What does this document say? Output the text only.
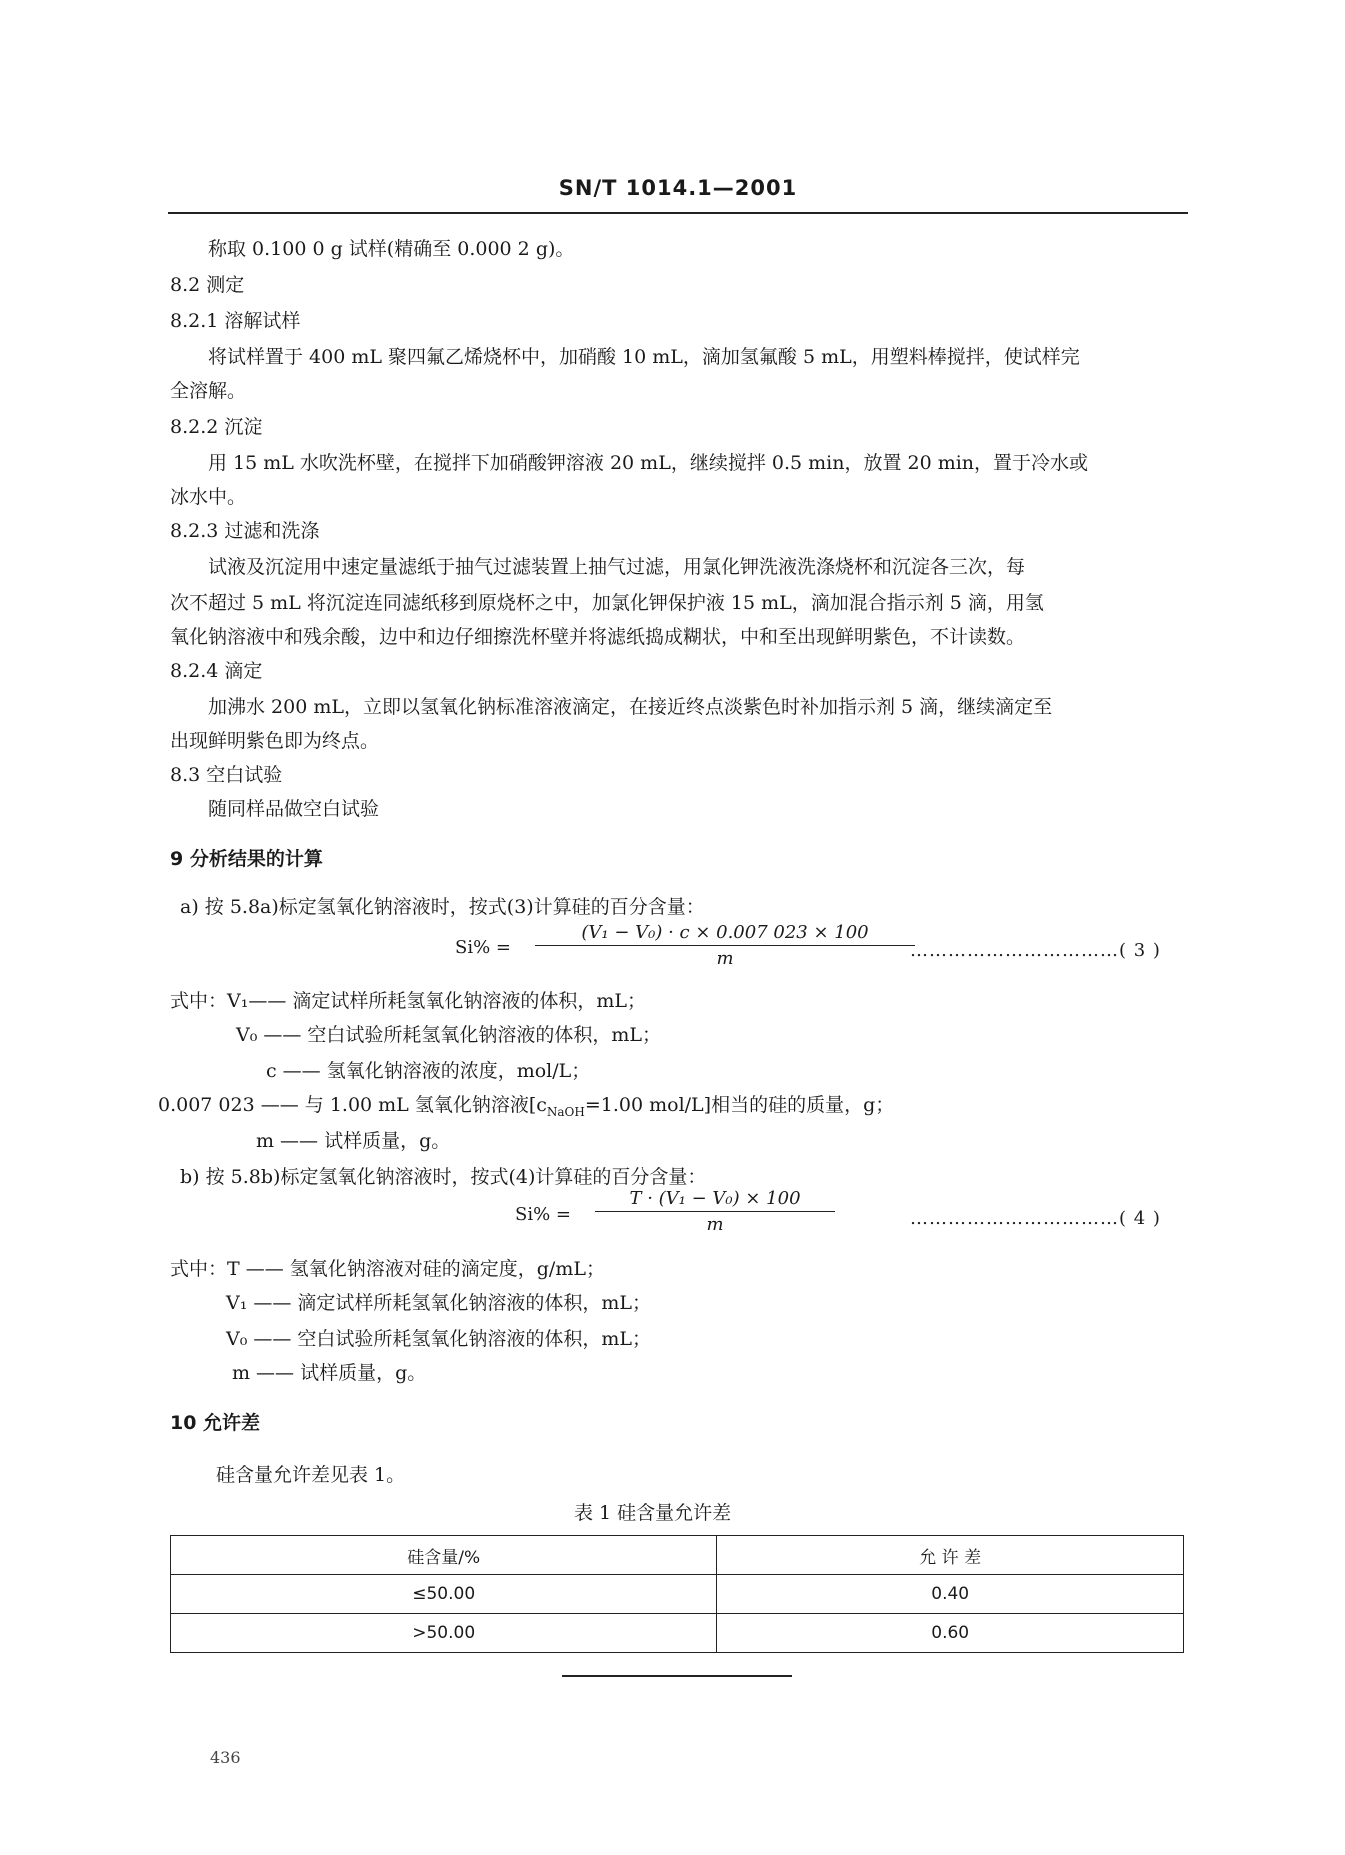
SN/T 1014.1—2001
称取 0.100 0 g 试样(精确至 0.000 2 g)。
8.2 测定
8.2.1 溶解试样
将试样置于 400 mL 聚四氟乙烯烧杯中，加硝酸 10 mL，滴加氢氟酸 5 mL，用塑料棒搅拌，使试样完
全溶解。
8.2.2 沉淀
用 15 mL 水吹洗杯壁，在搅拌下加硝酸钾溶液 20 mL，继续搅拌 0.5 min，放置 20 min，置于冷水或
冰水中。
8.2.3 过滤和洗涤
试液及沉淀用中速定量滤纸于抽气过滤装置上抽气过滤，用氯化钾洗液洗涤烧杯和沉淀各三次，每
次不超过 5 mL 将沉淀连同滤纸移到原烧杯之中，加氯化钾保护液 15 mL，滴加混合指示剂 5 滴，用氢
氧化钠溶液中和残余酸，边中和边仔细擦洗杯壁并将滤纸捣成糊状，中和至出现鲜明紫色，不计读数。
8.2.4 滴定
加沸水 200 mL，立即以氢氧化钠标准溶液滴定，在接近终点淡紫色时补加指示剂 5 滴，继续滴定至
出现鲜明紫色即为终点。
8.3 空白试验
随同样品做空白试验
9 分析结果的计算
a) 按 5.8a)标定氢氧化钠溶液时，按式(3)计算硅的百分含量：
$Si\% = \frac{\text{(V₁ − V₀) · c × 0.007 023 × 100}}{m}$
……………………………( 3 )
式中：V₁—— 滴定试样所耗氢氧化钠溶液的体积，mL；
V₀ —— 空白试验所耗氢氧化钠溶液的体积，mL；
c —— 氢氧化钠溶液的浓度，mol/L；
0.007 023 —— 与 1.00 mL 氢氧化钠溶液[$c_{NaOH}=1.00$ mol/L]相当的硅的质量，g；
m —— 试样质量，g。
b) 按 5.8b)标定氢氧化钠溶液时，按式(4)计算硅的百分含量：
$Si\% = \frac{\text{T · (V₁ − V₀) × 100}}{m}$	……………………………( 4 )
式中：T —— 氢氧化钠溶液对硅的滴定度，g/mL；
V₁ —— 滴定试样所耗氢氧化钠溶液的体积，mL；
V₀ —— 空白试验所耗氢氧化钠溶液的体积，mL；
m —— 试样质量，g。
10 允许差
硅含量允许差见表 1。
表 1 硅含量允许差
硅含量/%	允 许 差
≤50.00	0.40
>50.00	0.60
436
